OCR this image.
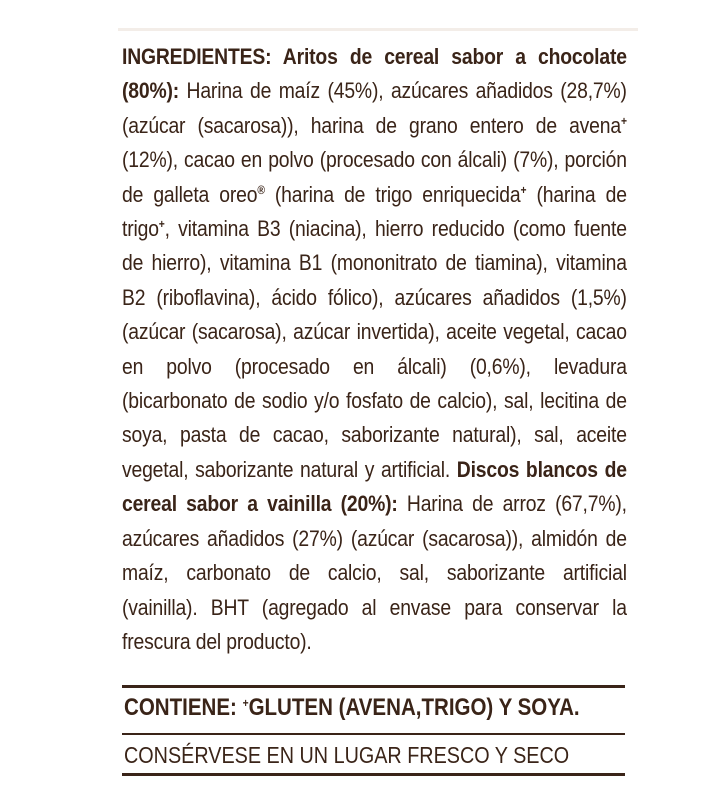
INGREDIENTES: Aritos de cereal sabor a chocolate (80%): Harina de maíz (45%), azúcares añadidos (28,7%) (azúcar (sacarosa)), harina de grano entero de avena+ (12%), cacao en polvo (procesado con álcali) (7%), porción de galleta oreo® (harina de trigo enriquecida+ (harina de trigo+, vitamina B3 (niacina), hierro reducido (como fuente de hierro), vitamina B1 (mononitrato de tiamina), vitamina B2 (riboflavina), ácido fólico), azúcares añadidos (1,5%) (azúcar (sacarosa), azúcar invertida), aceite vegetal, cacao en polvo (procesado en álcali) (0,6%), levadura (bicarbonato de sodio y/o fosfato de calcio), sal, lecitina de soya, pasta de cacao, saborizante natural), sal, aceite vegetal, saborizante natural y artificial. Discos blancos de cereal sabor a vainilla (20%): Harina de arroz (67,7%), azúcares añadidos (27%) (azúcar (sacarosa)), almidón de maíz, carbonato de calcio, sal, saborizante artificial (vainilla). BHT (agregado al envase para conservar la frescura del producto).
CONTIENE: +GLUTEN (AVENA,TRIGO) Y SOYA.
CONSÉRVESE EN UN LUGAR FRESCO Y SECO
